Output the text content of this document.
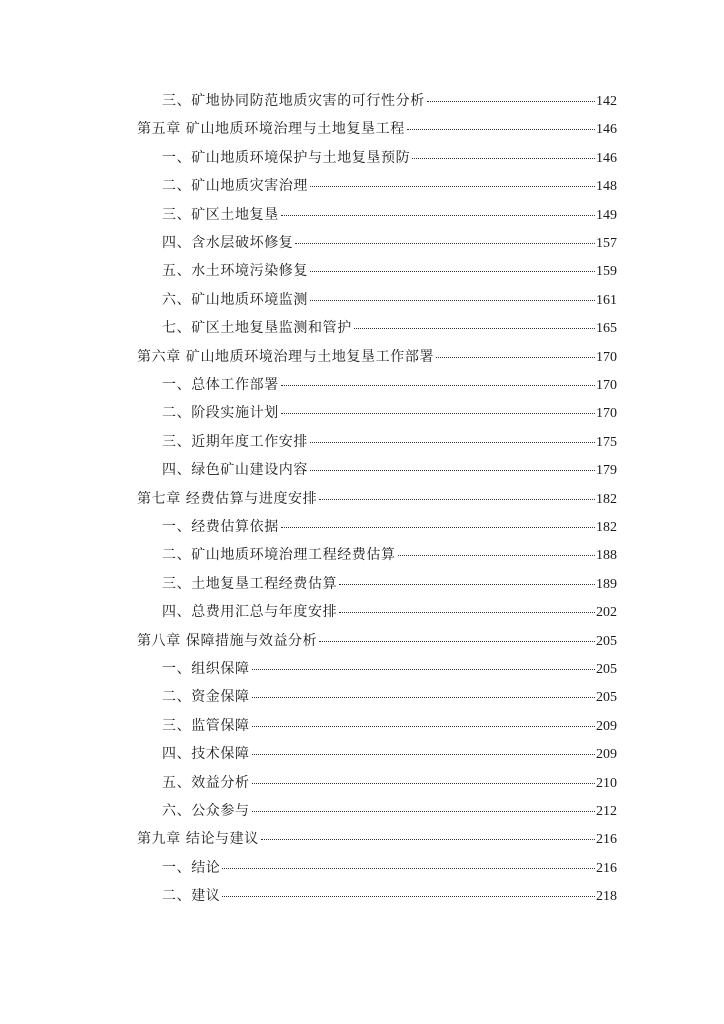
三、矿地协同防范地质灾害的可行性分析	142
第五章 矿山地质环境治理与土地复垦工程	146
一、矿山地质环境保护与土地复垦预防	146
二、矿山地质灾害治理	148
三、矿区土地复垦	149
四、含水层破坏修复	157
五、水土环境污染修复	159
六、矿山地质环境监测	161
七、矿区土地复垦监测和管护	165
第六章 矿山地质环境治理与土地复垦工作部署	170
一、总体工作部署	170
二、阶段实施计划	170
三、近期年度工作安排	175
四、绿色矿山建设内容	179
第七章 经费估算与进度安排	182
一、经费估算依据	182
二、矿山地质环境治理工程经费估算	188
三、土地复垦工程经费估算	189
四、总费用汇总与年度安排	202
第八章 保障措施与效益分析	205
一、组织保障	205
二、资金保障	205
三、监管保障	209
四、技术保障	209
五、效益分析	210
六、公众参与	212
第九章 结论与建议	216
一、结论	216
二、建议	218
